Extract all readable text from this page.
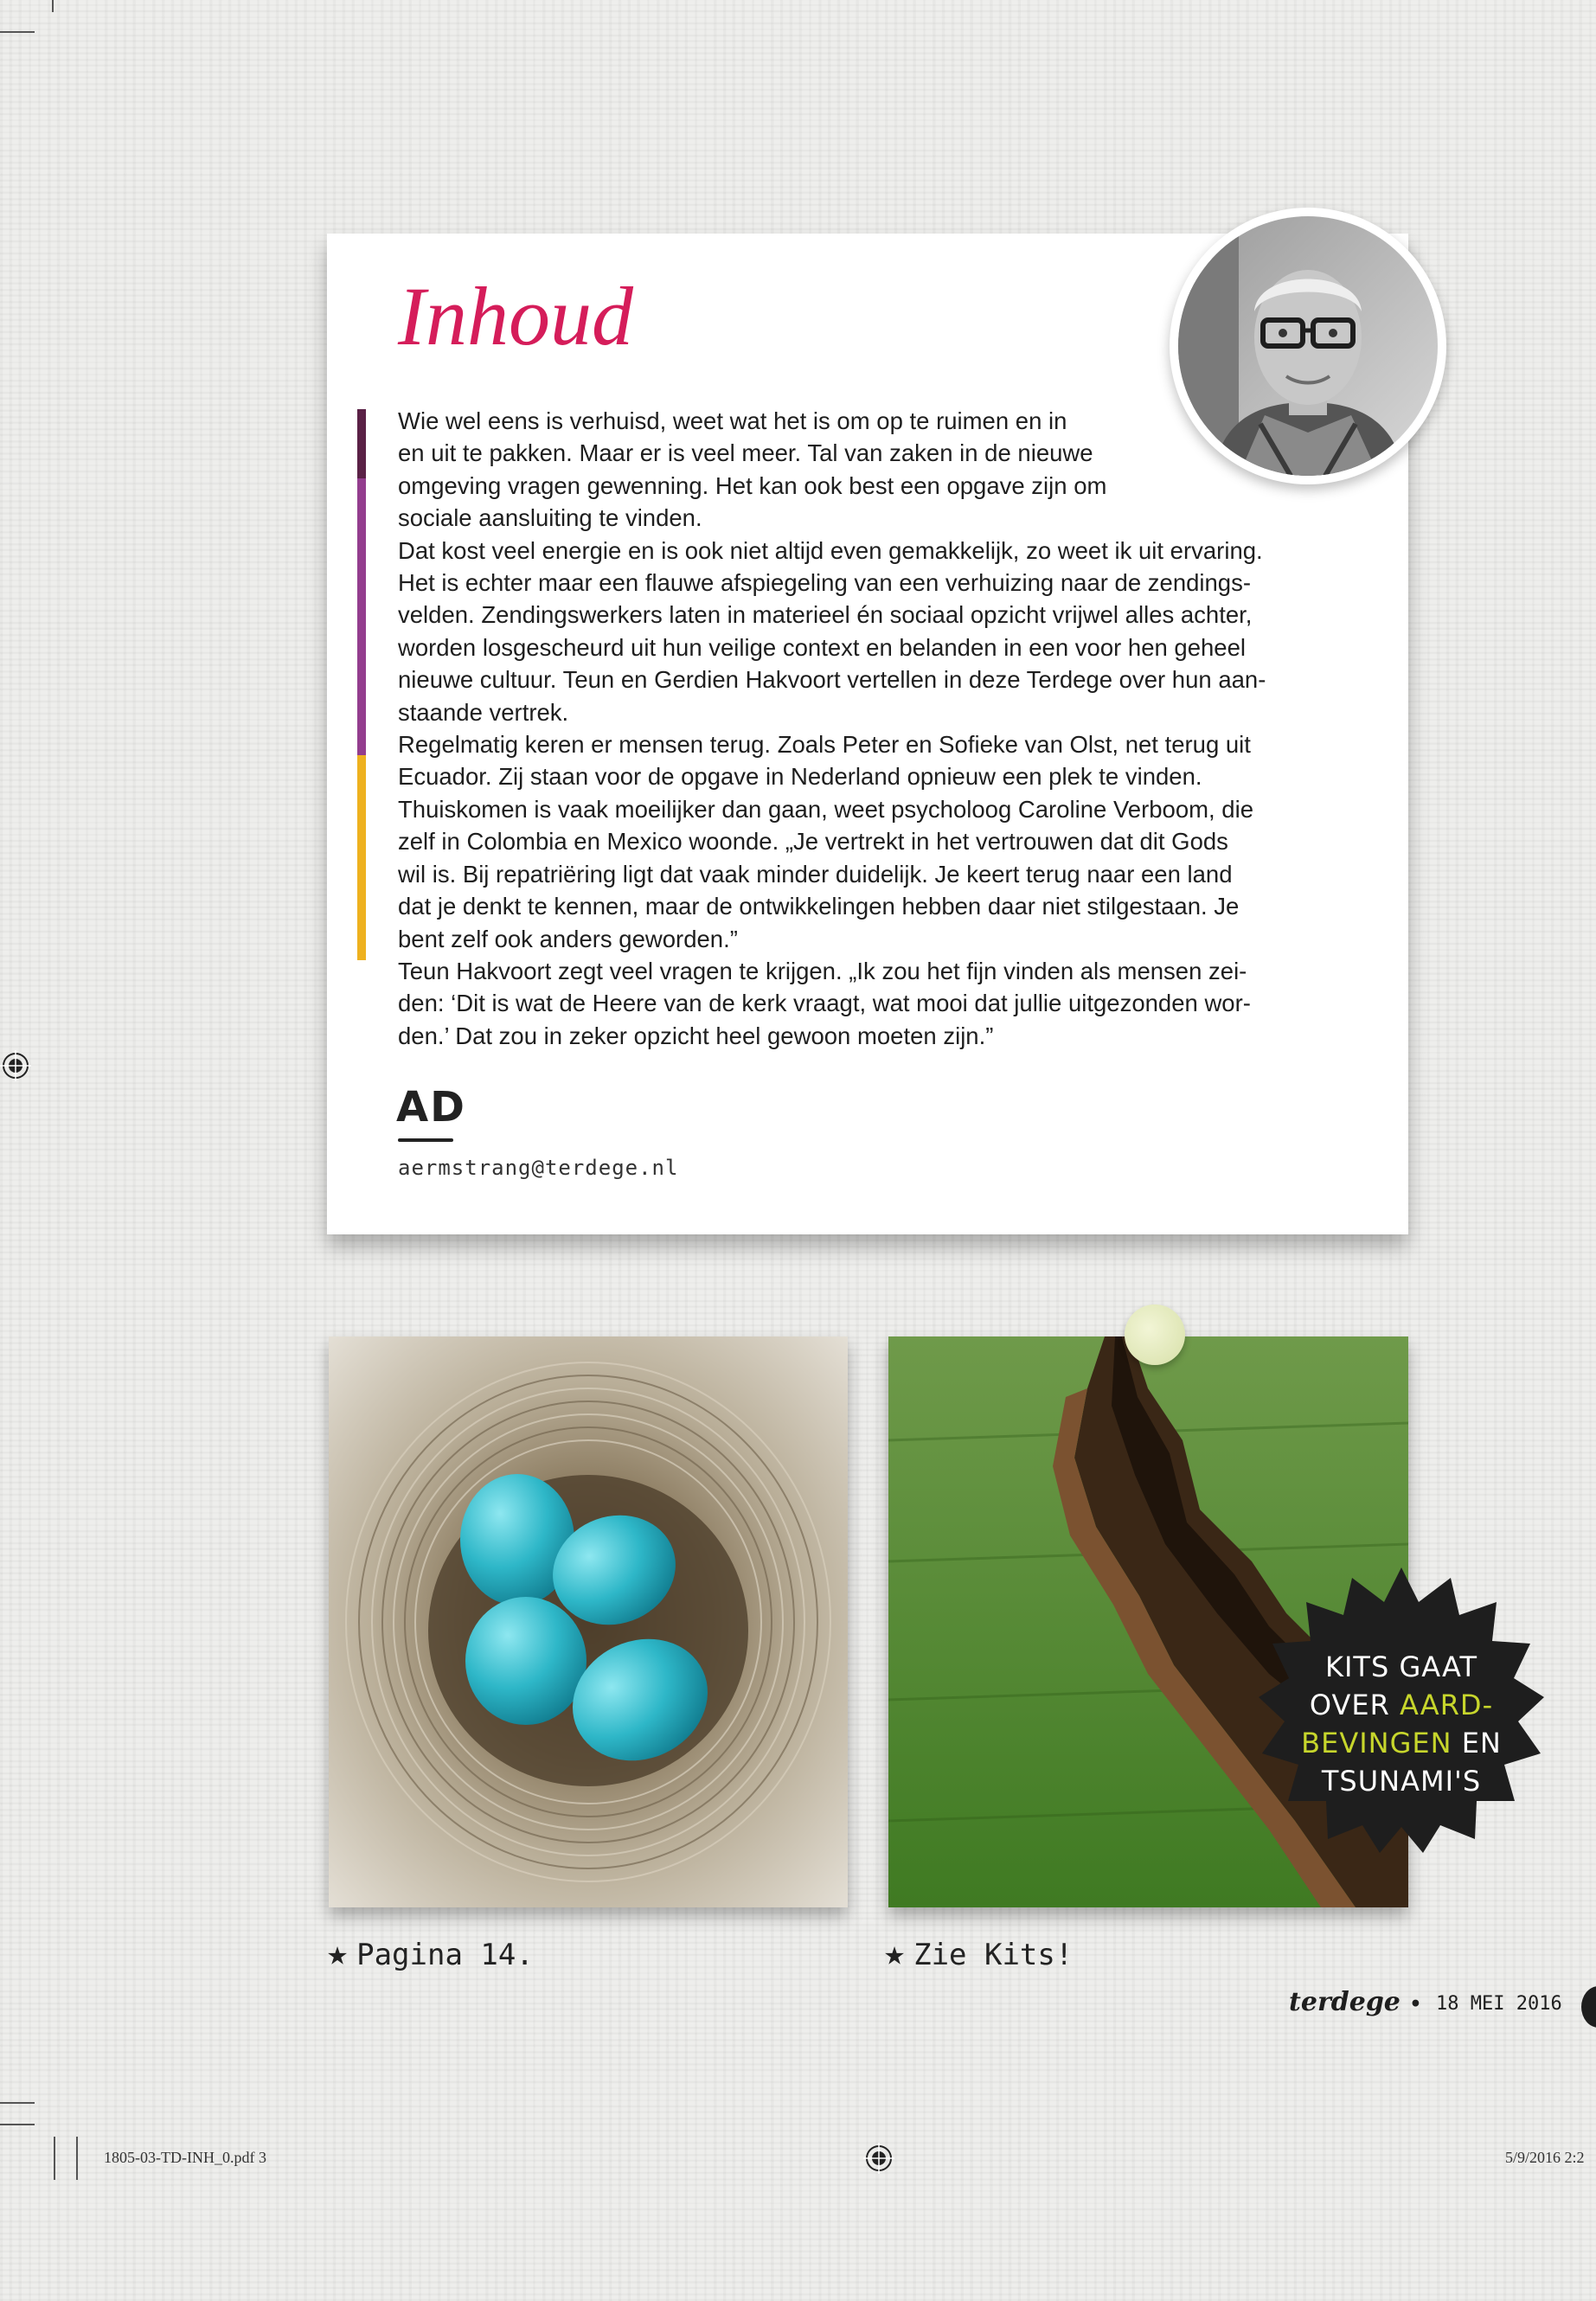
Inhoud

Wie wel eens is verhuisd, weet wat het is om op te ruimen en in

en uit te pakken. Maar er is veel meer. Tal van zaken in de nieuwe

omgeving vragen gewenning. Het kan ook best een opgave zijn om

sociale aansluiting te vinden.

Dat kost veel energie en is ook niet altijd even gemakkelijk, zo weet ik uit ervaring.

Het is echter maar een flauwe afspiegeling van een verhuizing naar de zendings-

velden. Zendingswerkers laten in materieel én sociaal opzicht vrijwel alles achter,

worden losgescheurd uit hun veilige context en belanden in een voor hen geheel

nieuwe cultuur. Teun en Gerdien Hakvoort vertellen in deze Terdege over hun aan-

staande vertrek.

Regelmatig keren er mensen terug. Zoals Peter en Sofieke van Olst, net terug uit

Ecuador. Zij staan voor de opgave in Nederland opnieuw een plek te vinden.

Thuiskomen is vaak moeilijker dan gaan, weet psycholoog Caroline Verboom, die

zelf in Colombia en Mexico woonde. „Je vertrekt in het vertrouwen dat dit Gods

wil is. Bij repatriëring ligt dat vaak minder duidelijk. Je keert terug naar een land

dat je denkt te kennen, maar de ontwikkelingen hebben daar niet stilgestaan. Je

bent zelf ook anders geworden.”

Teun Hakvoort zegt veel vragen te krijgen. „Ik zou het fijn vinden als mensen zei-

den: ‘Dit is wat de Heere van de kerk vraagt, wat mooi dat jullie uitgezonden wor-

den.’ Dat zou in zeker opzicht heel gewoon moeten zijn.”

AD
aermstrang@terdege.nl
KITS GAAT
OVER AARD-
BEVINGEN EN
TSUNAMI'S
★ Pagina 14.	★ Zie Kits!
terdege • 18 MEI 2016
1805-03-TD-INH_0.pdf 3	5/9/2016 2:2
